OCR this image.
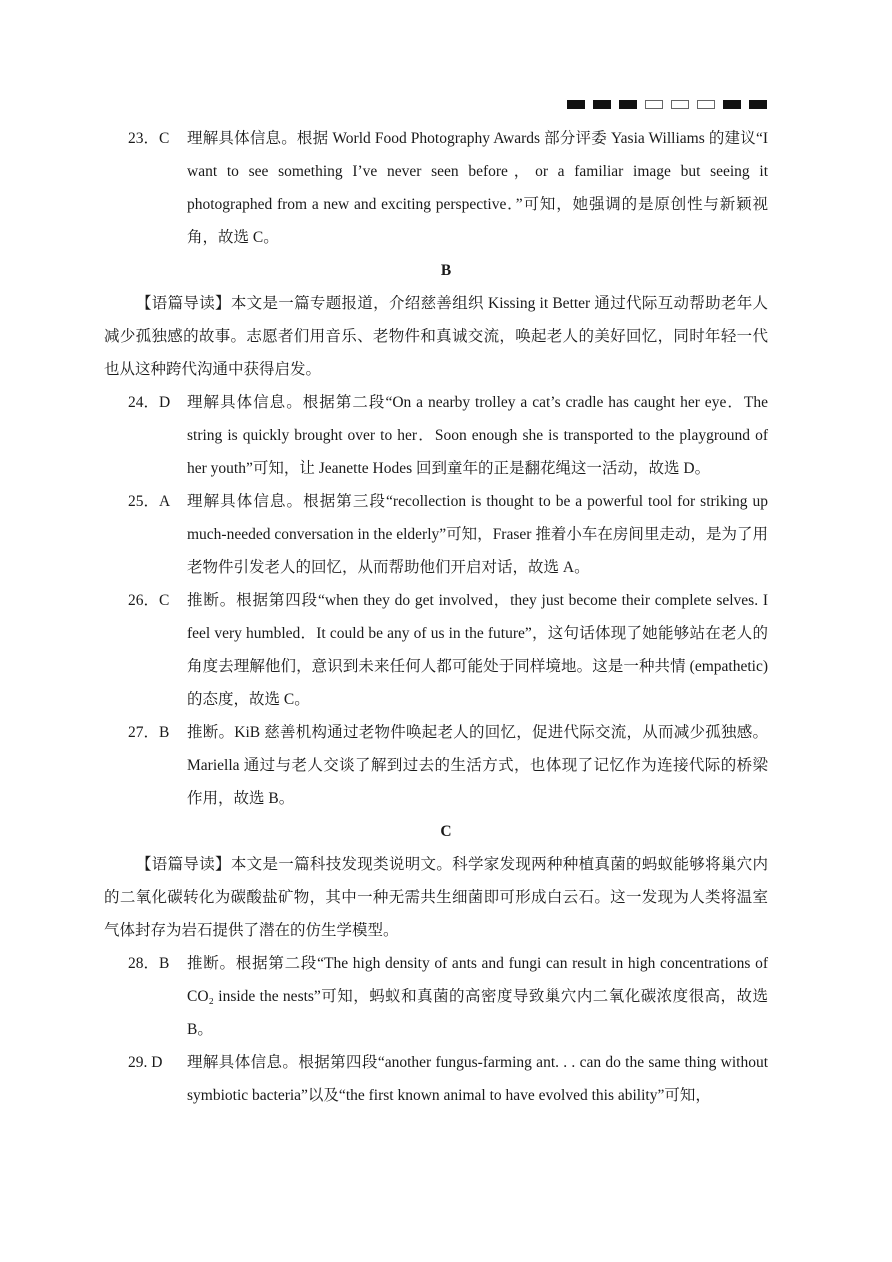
23．C 理解具体信息。根据 World Food Photography Awards 部分评委 Yasia Williams 的建议“I want to see something I’ve never seen before，or a familiar image but seeing it photographed from a new and exciting perspective．”可知，她强调的是原创性与新颖视角，故选 C。
B
【语篇导读】本文是一篇专题报道，介绍慈善组织 Kissing it Better 通过代际互动帮助老年人减少孤独感的故事。志愿者们用音乐、老物件和真诚交流，唤起老人的美好回忆，同时年轻一代也从这种跨代沟通中获得启发。
24．D 理解具体信息。根据第二段“On a nearby trolley a cat’s cradle has caught her eye．The string is quickly brought over to her．Soon enough she is transported to the playground of her youth”可知，让 Jeanette Hodes 回到童年的正是翻花绳这一活动，故选 D。
25．A 理解具体信息。根据第三段“recollection is thought to be a powerful tool for striking up much-needed conversation in the elderly”可知，Fraser 推着小车在房间里走动，是为了用老物件引发老人的回忆，从而帮助他们开启对话，故选 A。
26．C 推断。根据第四段“when they do get involved，they just become their complete selves. I feel very humbled．It could be any of us in the future”，这句话体现了她能够站在老人的角度去理解他们，意识到未来任何人都可能处于同样境地。这是一种共情 (empathetic) 的态度，故选 C。
27．B 推断。KiB 慈善机构通过老物件唤起老人的回忆，促进代际交流，从而减少孤独感。Mariella 通过与老人交谈了解到过去的生活方式，也体现了记忆作为连接代际的桥梁作用，故选 B。
C
【语篇导读】本文是一篇科技发现类说明文。科学家发现两种种植真菌的蚂蚁能够将巢穴内的二氧化碳转化为碳酸盐矿物，其中一种无需共生细菌即可形成白云石。这一发现为人类将温室气体封存为岩石提供了潜在的仿生学模型。
28．B 推断。根据第二段“The high density of ants and fungi can result in high concentrations of CO₂ inside the nests”可知，蚂蚁和真菌的高密度导致巢穴内二氧化碳浓度很高，故选 B。
29. D 理解具体信息。根据第四段“another fungus-farming ant. . . can do the same thing without symbiotic bacteria”以及“the first known animal to have evolved this ability”可知，
